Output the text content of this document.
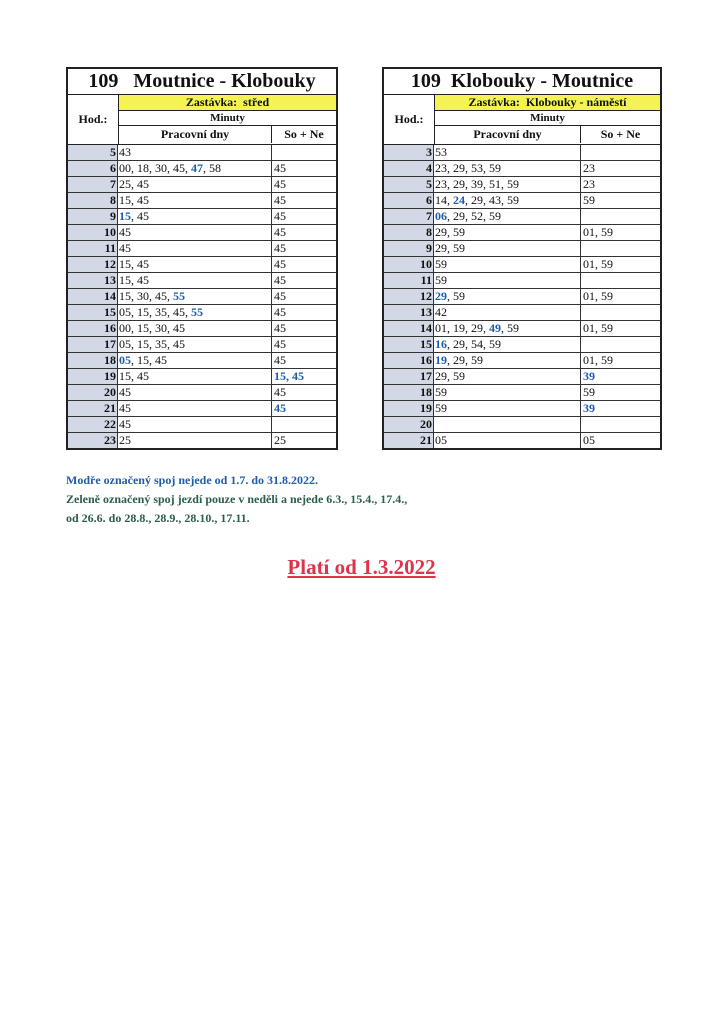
109   Moutnice - Klobouky
Hod.:
Zastávka:  střed
Minuty
Pracovní dny	So + Ne
5 43
6 00, 18, 30, 45, 47, 58	45
7 25, 45	45
8 15, 45	45
9 15, 45	45
10 45	45
11 45	45
12 15, 45	45
13 15, 45	45
14 15, 30, 45, 55	45
15 05, 15, 35, 45, 55	45
16 00, 15, 30, 45	45
17 05, 15, 35, 45	45
18 05, 15, 45	45
19 15, 45	15, 45
20 45	45
21 45	45
22 45
23 25	25
109  Klobouky - Moutnice
Hod.:
Zastávka:  Klobouky - náměstí
Minuty
Pracovní dny	So + Ne
3 53
4 23, 29, 53, 59	23
5 23, 29, 39, 51, 59	23
6 14, 24, 29, 43, 59	59
7 06, 29, 52, 59
8 29, 59	01, 59
9 29, 59
10 59	01, 59
11 59
12 29, 59	01, 59
13 42
14 01, 19, 29, 49, 59	01, 59
15 16, 29, 54, 59
16 19, 29, 59	01, 59
17 29, 59	39
18 59	59
19 59	39
20
21 05	05
Modře označený spoj nejede od 1.7. do 31.8.2022.
Zeleně označený spoj jezdí pouze v neděli a nejede 6.3., 15.4., 17.4.,
od 26.6. do 28.8., 28.9., 28.10., 17.11.
Platí od 1.3.2022
